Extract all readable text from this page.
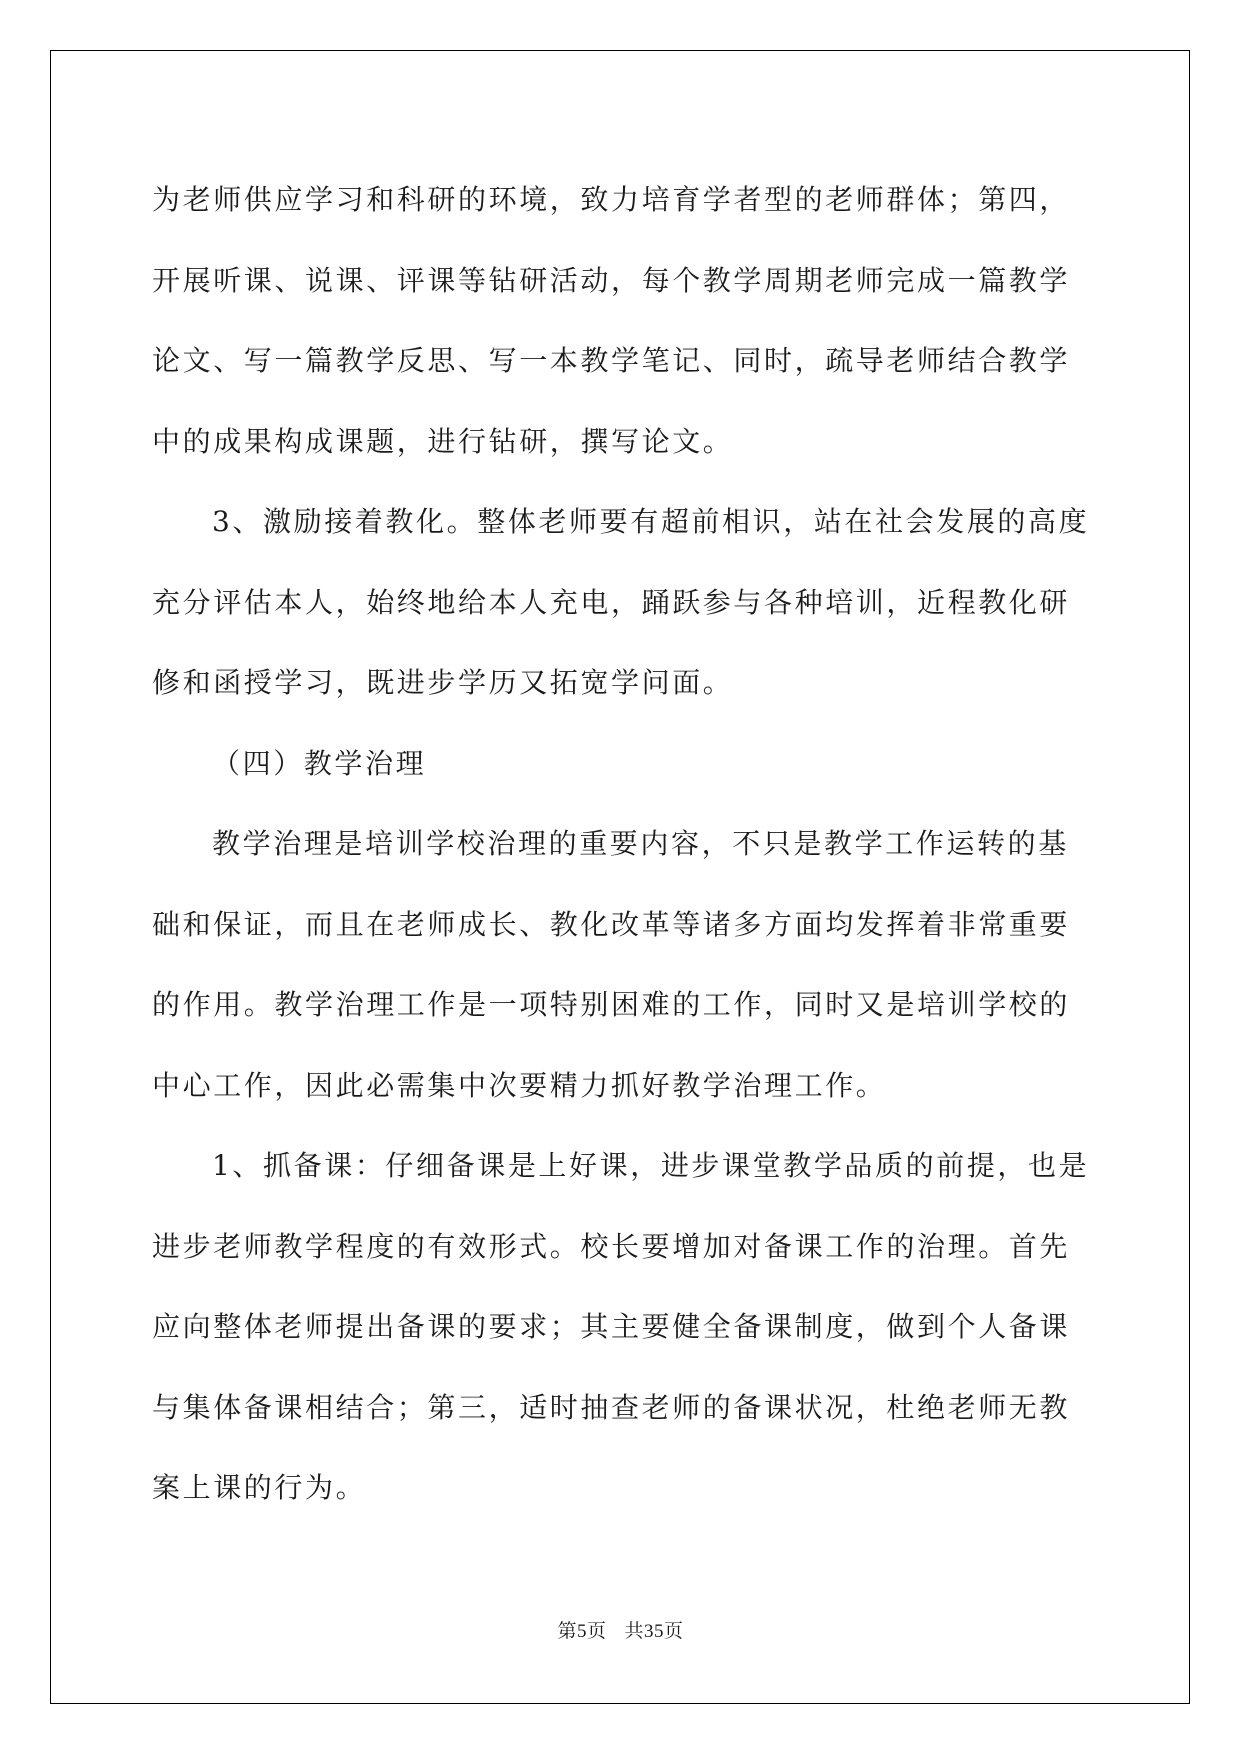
为老师供应学习和科研的环境，致力培育学者型的老师群体；第四，
开展听课、说课、评课等钻研活动，每个教学周期老师完成一篇教学
论文、写一篇教学反思、写一本教学笔记、同时，疏导老师结合教学
中的成果构成课题，进行钻研，撰写论文。
3、激励接着教化。整体老师要有超前相识，站在社会发展的高度
充分评估本人，始终地给本人充电，踊跃参与各种培训，近程教化研
修和函授学习，既进步学历又拓宽学问面。
（四）教学治理
教学治理是培训学校治理的重要内容，不只是教学工作运转的基
础和保证，而且在老师成长、教化改革等诸多方面均发挥着非常重要
的作用。教学治理工作是一项特别困难的工作，同时又是培训学校的
中心工作，因此必需集中次要精力抓好教学治理工作。
1、抓备课：仔细备课是上好课，进步课堂教学品质的前提，也是
进步老师教学程度的有效形式。校长要增加对备课工作的治理。首先
应向整体老师提出备课的要求；其主要健全备课制度，做到个人备课
与集体备课相结合；第三，适时抽查老师的备课状况，杜绝老师无教
案上课的行为。
第5页 共35页
